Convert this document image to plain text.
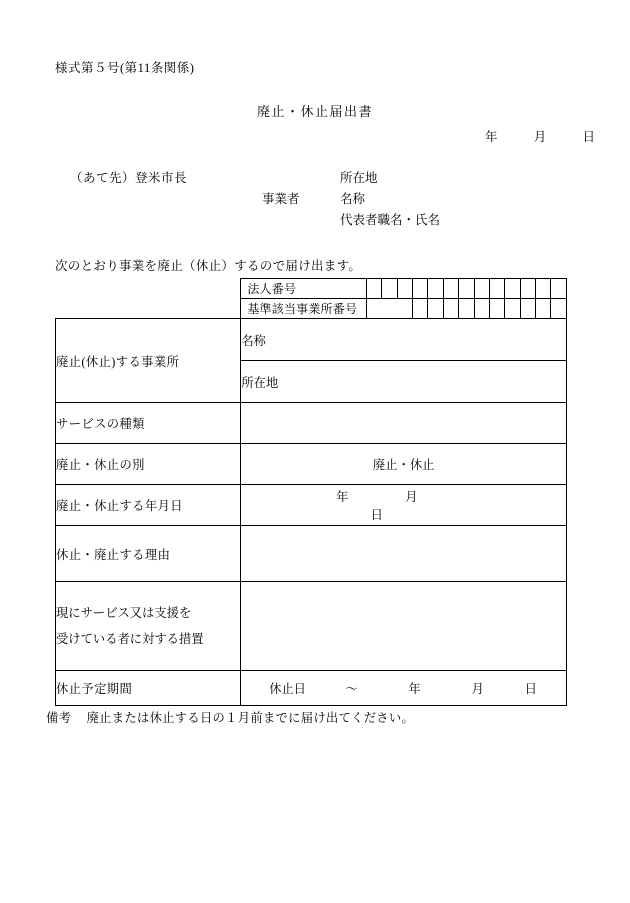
様式第５号(第11条関係)
廃止・休止届出書
年	月	日
（あて先）登米市長	所在地
事業者	名称
代表者職名・氏名
次のとおり事業を廃止（休止）するので届け出ます。
	法人番号													
	基準該当事業所番号													
廃止(休止)する事業所	名称													
	所在地													
サービスの種類														
廃止・休止の別	廃止・休止													
廃止・休止する年月日	年 月 日													
休止・廃止する理由														

現にサービス又は支援を
受けている者に対する措置														

休止予定期間	休止日 ～ 年 月 日													
備考 廃止または休止する日の１月前までに届け出てください。
